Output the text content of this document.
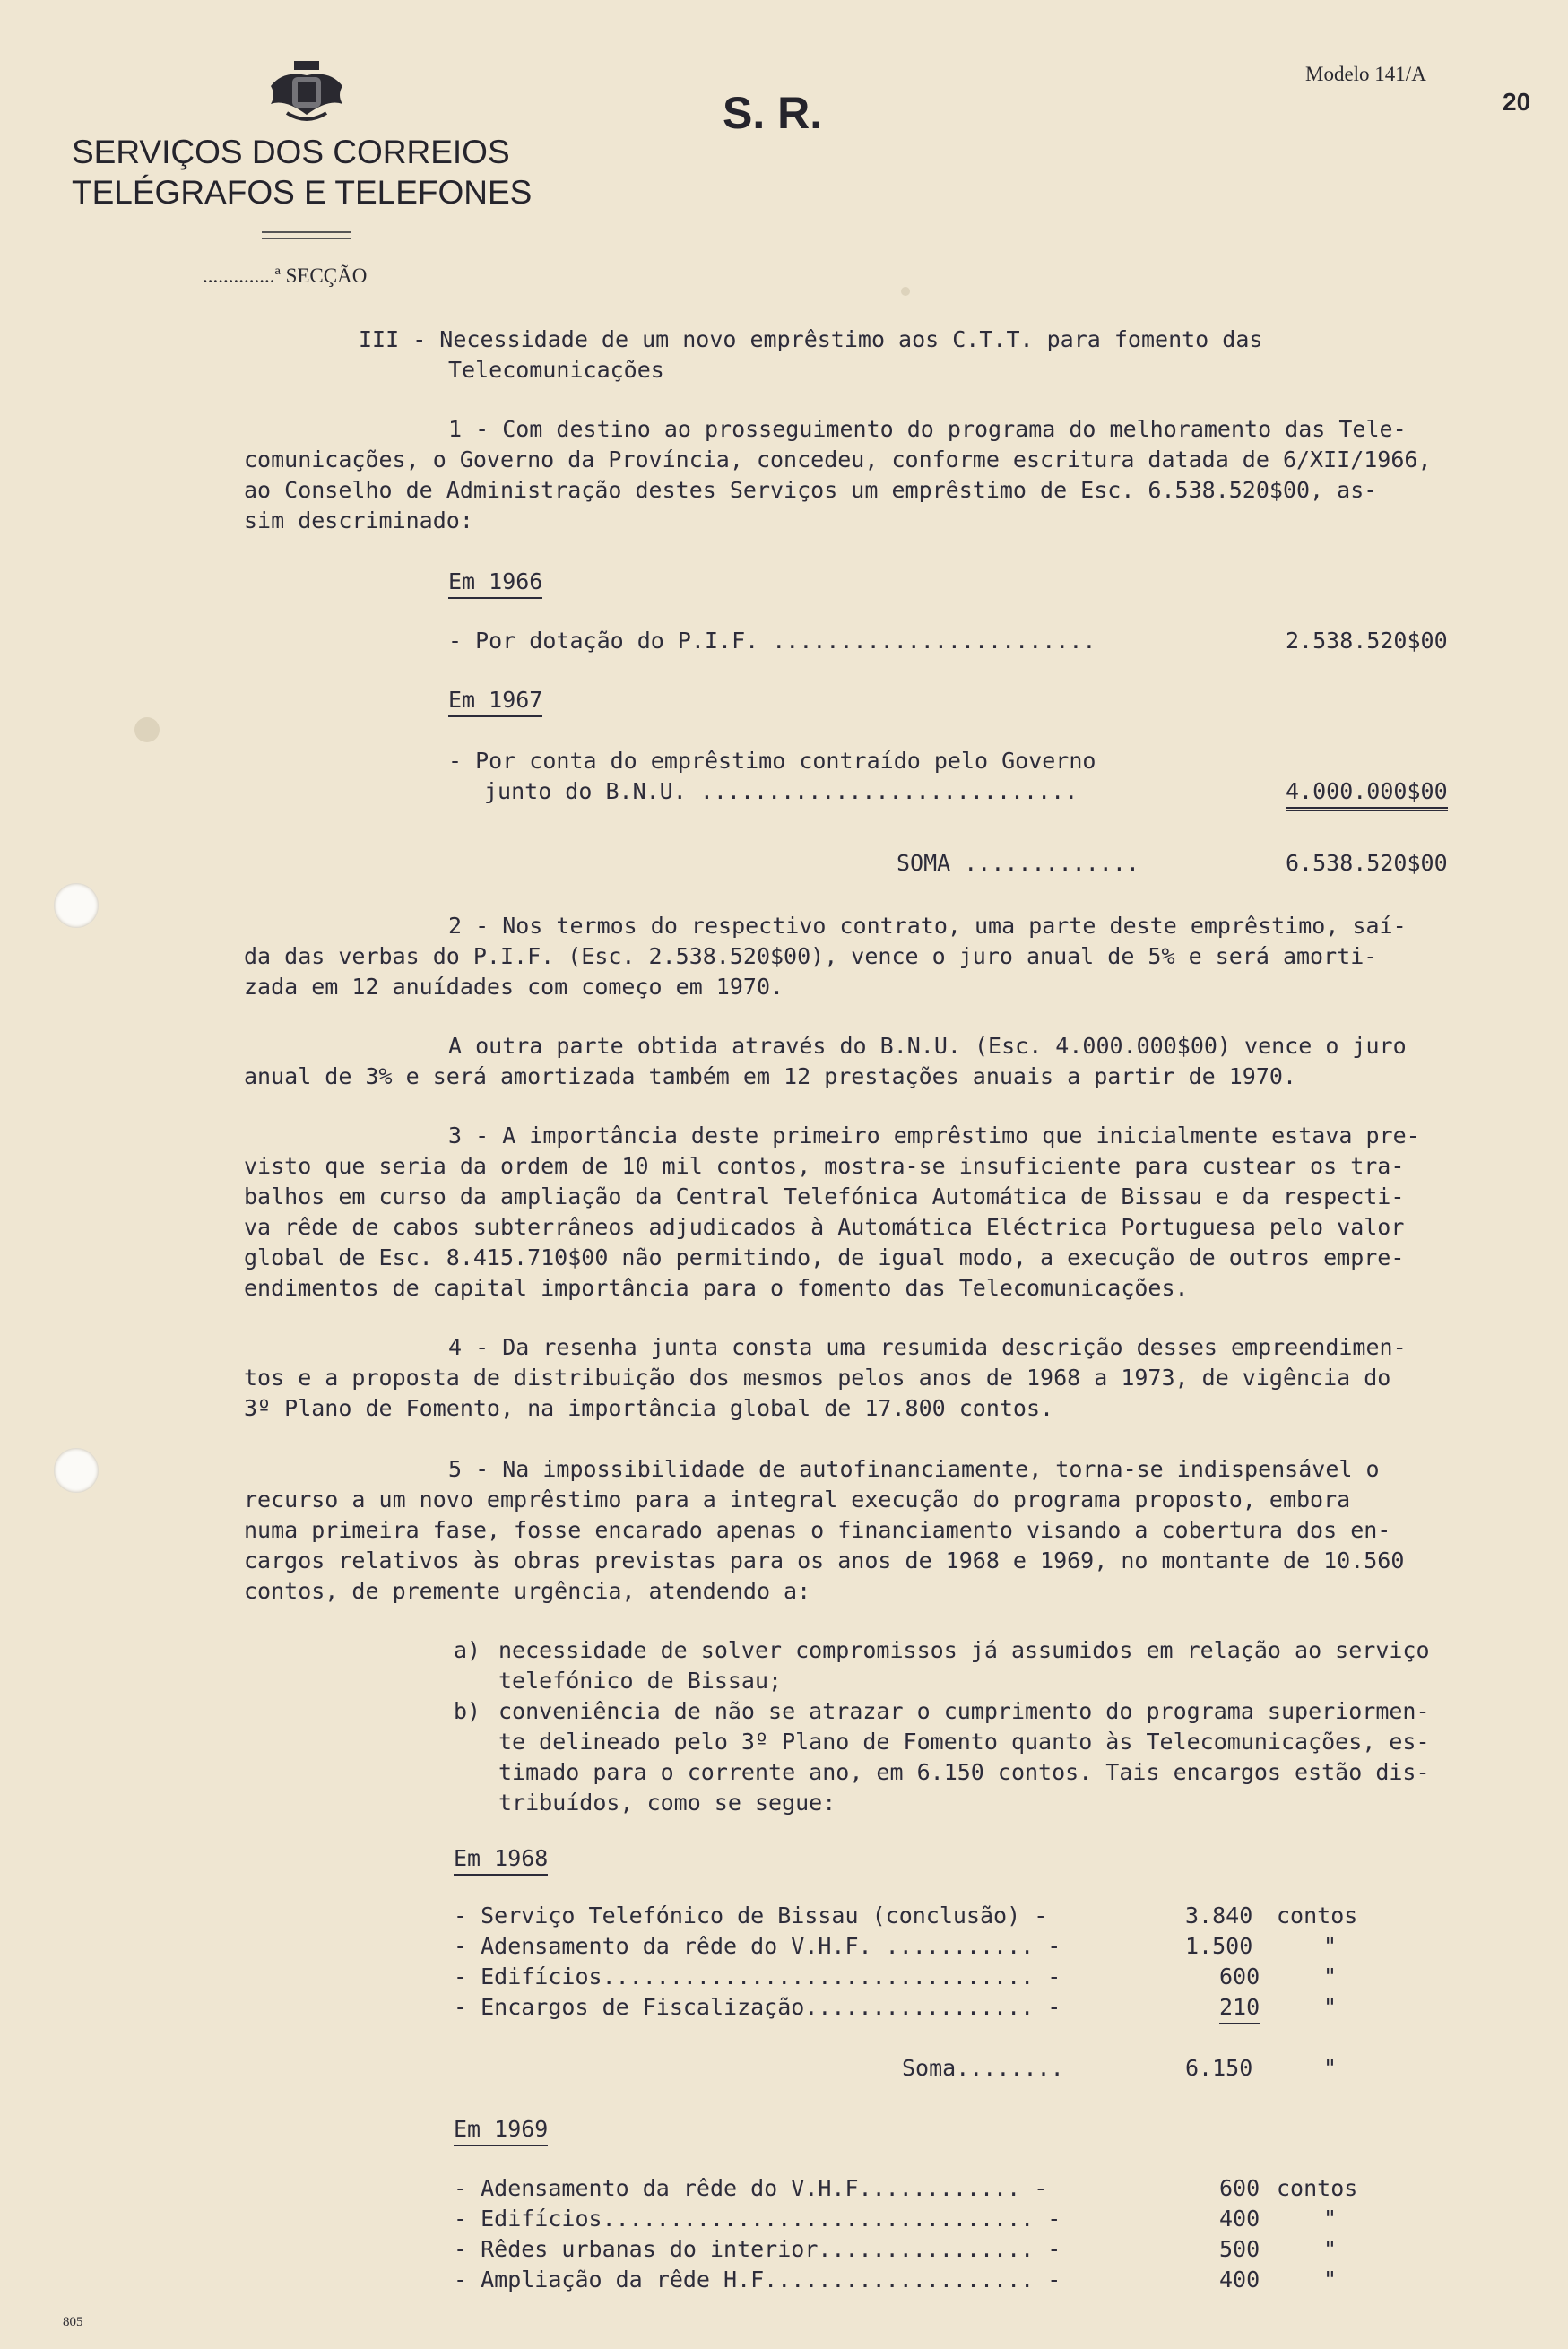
SERVIÇOS DOS CORREIOS
TELÉGRAFOS E TELEFONES
S. R.
Modelo 141/A
20
..............ª SECÇÃO
III - Necessidade de um novo emprêstimo aos C.T.T. para fomento das
Telecomunicações
1 - Com destino ao prosseguimento do programa do melhoramento das Tele-
comunicações, o Governo da Província, concedeu, conforme escritura datada de 6/XII/1966,
ao Conselho de Administração destes Serviços um emprêstimo de Esc. 6.538.520$00, as-
sim descriminado:
Em 1966
- Por dotação do P.I.F. ........................	2.538.520$00
Em 1967
- Por conta do emprêstimo contraído pelo Governo
junto do B.N.U. ............................	4.000.000$00
SOMA .............	6.538.520$00
2 - Nos termos do respectivo contrato, uma parte deste emprêstimo, saí-
da das verbas do P.I.F. (Esc. 2.538.520$00), vence o juro anual de 5% e será amorti-
zada em 12 anuídades com começo em 1970.
A outra parte obtida através do B.N.U. (Esc. 4.000.000$00) vence o juro
anual de 3% e será amortizada também em 12 prestações anuais a partir de 1970.
3 - A importância deste primeiro emprêstimo que inicialmente estava pre-
visto que seria da ordem de 10 mil contos, mostra-se insuficiente para custear os tra-
balhos em curso da ampliação da Central Telefónica Automática de Bissau e da respecti-
va rêde de cabos subterrâneos adjudicados à Automática Eléctrica Portuguesa pelo valor
global de Esc. 8.415.710$00 não permitindo, de igual modo, a execução de outros empre-
endimentos de capital importância para o fomento das Telecomunicações.
4 - Da resenha junta consta uma resumida descrição desses empreendimen-
tos e a proposta de distribuição dos mesmos pelos anos de 1968 a 1973, de vigência do
3º Plano de Fomento, na importância global de 17.800 contos.
5 - Na impossibilidade de autofinanciamente, torna-se indispensável o
recurso a um novo emprêstimo para a integral execução do programa proposto, embora
numa primeira fase, fosse encarado apenas o financiamento visando a cobertura dos en-
cargos relativos às obras previstas para os anos de 1968 e 1969, no montante de 10.560
contos, de premente urgência, atendendo a:
a) necessidade de solver compromissos já assumidos em relação ao serviço
telefónico de Bissau;
b) conveniência de não se atrazar o cumprimento do programa superiormen-
te delineado pelo 3º Plano de Fomento quanto às Telecomunicações, es-
timado para o corrente ano, em 6.150 contos. Tais encargos estão dis-
tribuídos, como se segue:
Em 1968
- Serviço Telefónico de Bissau (conclusão) -	3.840 contos
- Adensamento da rêde do V.H.F. ........... -	1.500	"
- Edifícios................................ -	600	"
- Encargos de Fiscalização................. -	210	"
Soma........	6.150	"
Em 1969
- Adensamento da rêde do V.H.F............ -	600 contos
- Edifícios................................ -	400	"
- Rêdes urbanas do interior................ -	500	"
- Ampliação da rêde H.F.................... -	400	"
805
